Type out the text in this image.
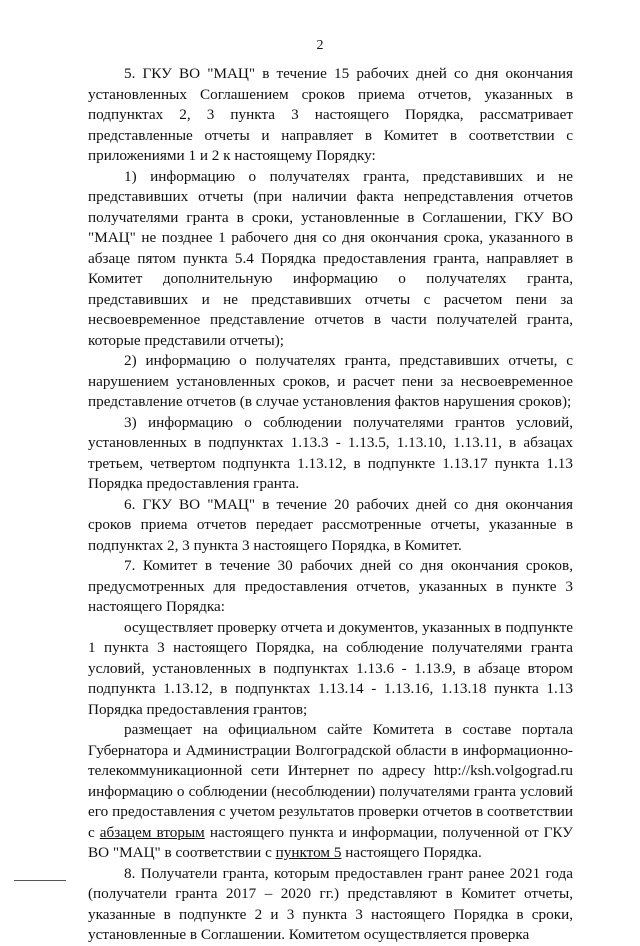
2

5. ГКУ ВО "МАЦ" в течение 15 рабочих дней со дня окончания установленных Соглашением сроков приема отчетов, указанных в подпунктах 2, 3 пункта 3 настоящего Порядка, рассматривает представленные отчеты и направляет в Комитет в соответствии с приложениями 1 и 2 к настоящему Порядку:

1) информацию о получателях гранта, представивших и не представивших отчеты (при наличии факта непредставления отчетов получателями гранта в сроки, установленные в Соглашении, ГКУ ВО "МАЦ" не позднее 1 рабочего дня со дня окончания срока, указанного в абзаце пятом пункта 5.4 Порядка предоставления гранта, направляет в Комитет дополнительную информацию о получателях гранта, представивших и не представивших отчеты с расчетом пени за несвоевременное представление отчетов в части получателей гранта, которые представили отчеты);

2) информацию о получателях гранта, представивших отчеты, с нарушением установленных сроков, и расчет пени за несвоевременное представление отчетов (в случае установления фактов нарушения сроков);

3) информацию о соблюдении получателями грантов условий, установленных в подпунктах 1.13.3 - 1.13.5, 1.13.10, 1.13.11, в абзацах третьем, четвертом подпункта 1.13.12, в подпункте 1.13.17 пункта 1.13 Порядка предоставления гранта.

6. ГКУ ВО "МАЦ" в течение 20 рабочих дней со дня окончания сроков приема отчетов передает рассмотренные отчеты, указанные в подпунктах 2, 3 пункта 3 настоящего Порядка, в Комитет.

7. Комитет в течение 30 рабочих дней со дня окончания сроков, предусмотренных для предоставления отчетов, указанных в пункте 3 настоящего Порядка:

осуществляет проверку отчета и документов, указанных в подпункте 1 пункта 3 настоящего Порядка, на соблюдение получателями гранта условий, установленных в подпунктах 1.13.6 - 1.13.9, в абзаце втором подпункта 1.13.12, в подпунктах 1.13.14 - 1.13.16, 1.13.18 пункта 1.13 Порядка предоставления грантов;

размещает на официальном сайте Комитета в составе портала Губернатора и Администрации Волгоградской области в информационно-телекоммуникационной сети Интернет по адресу http://ksh.volgograd.ru информацию о соблюдении (несоблюдении) получателями гранта условий его предоставления с учетом результатов проверки отчетов в соответствии с абзацем вторым настоящего пункта и информации, полученной от ГКУ ВО "МАЦ" в соответствии с пунктом 5 настоящего Порядка.

8. Получатели гранта, которым предоставлен грант ранее 2021 года (получатели гранта 2017 – 2020 гг.) представляют в Комитет отчеты, указанные в подпункте 2 и 3 пункта 3 настоящего Порядка в сроки, установленные в Соглашении. Комитетом осуществляется проверка
